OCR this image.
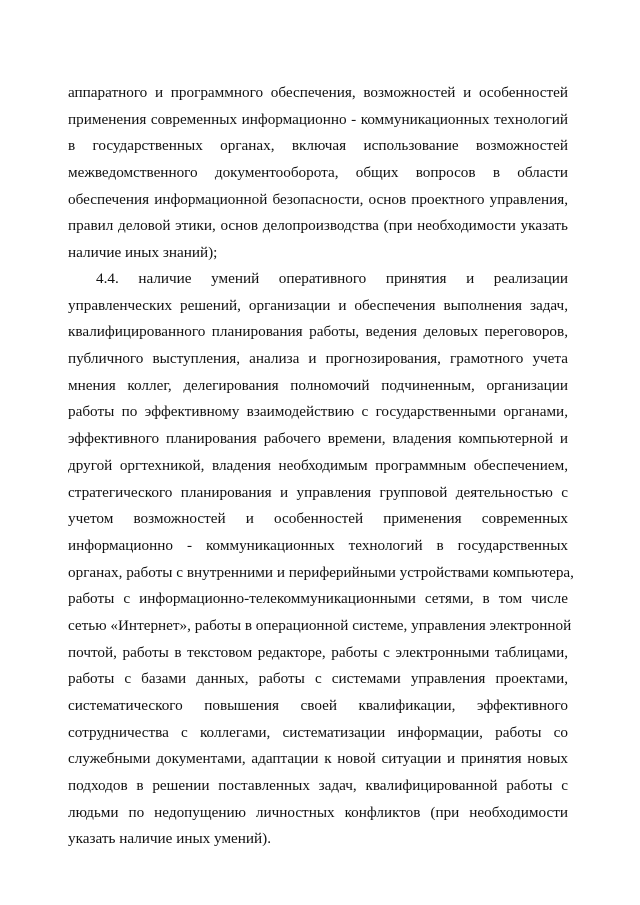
аппаратного и программного обеспечения, возможностей и особенностей
применения современных информационно - коммуникационных технологий
в государственных органах, включая использование возможностей
межведомственного документооборота, общих вопросов в области
обеспечения информационной безопасности, основ проектного управления,
правил деловой этики, основ делопроизводства (при необходимости указать
наличие иных знаний);
4.4. наличие умений оперативного принятия и реализации
управленческих решений, организации и обеспечения выполнения задач,
квалифицированного планирования работы, ведения деловых переговоров,
публичного выступления, анализа и прогнозирования, грамотного учета
мнения коллег, делегирования полномочий подчиненным, организации
работы по эффективному взаимодействию с государственными органами,
эффективного планирования рабочего времени, владения компьютерной и
другой оргтехникой, владения необходимым программным обеспечением,
стратегического планирования и управления групповой деятельностью с
учетом возможностей и особенностей применения современных
информационно - коммуникационных технологий в государственных
органах, работы с внутренними и периферийными устройствами компьютера,
работы с информационно-телекоммуникационными сетями, в том числе
сетью «Интернет», работы в операционной системе, управления электронной
почтой, работы в текстовом редакторе, работы с электронными таблицами,
работы с базами данных, работы с системами управления проектами,
систематического повышения своей квалификации, эффективного
сотрудничества с коллегами, систематизации информации, работы со
служебными документами, адаптации к новой ситуации и принятия новых
подходов в решении поставленных задач, квалифицированной работы с
людьми по недопущению личностных конфликтов (при необходимости
указать наличие иных умений).
